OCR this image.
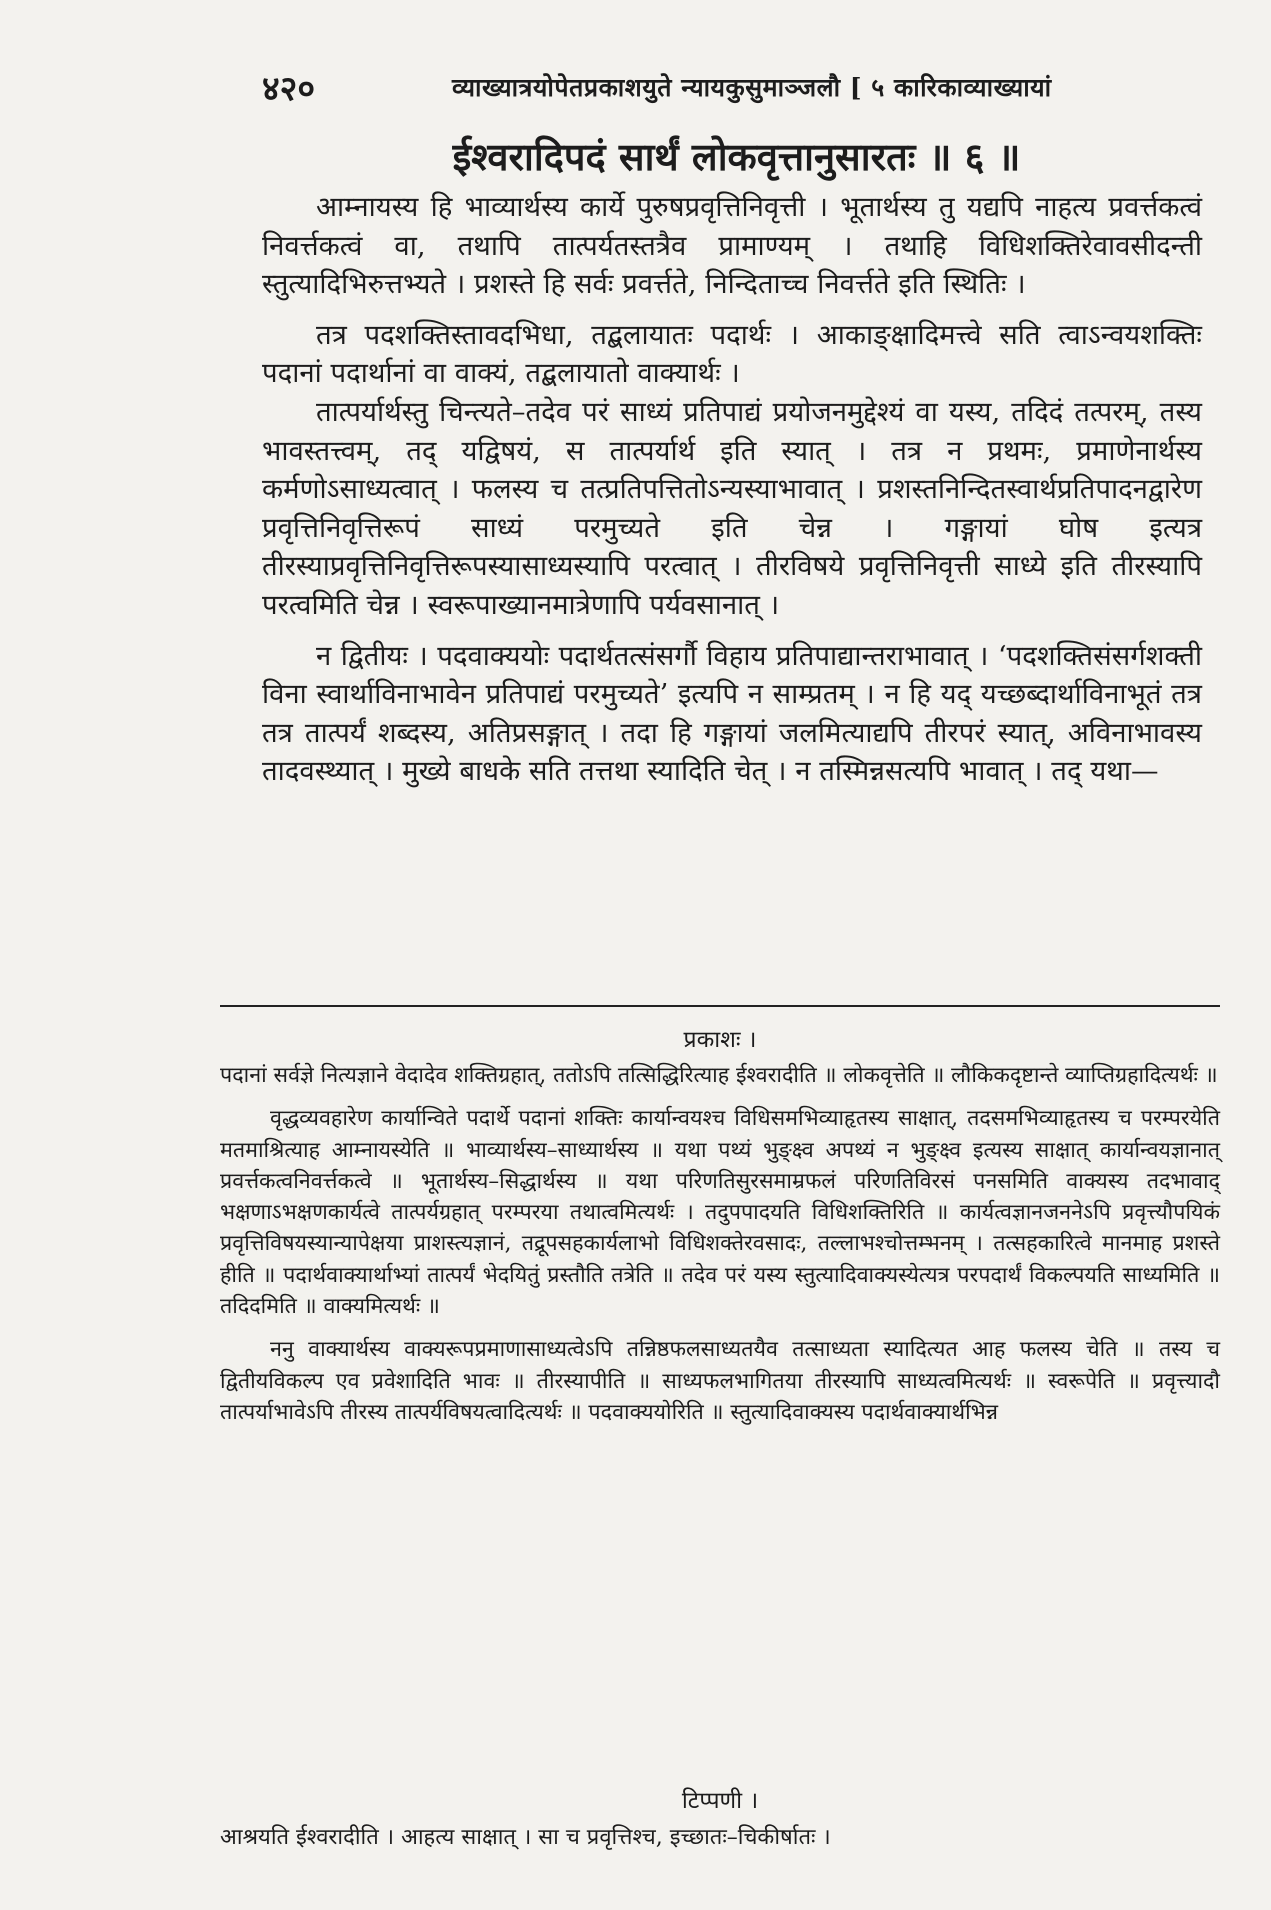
४२०	व्याख्यात्रयोपेतप्रकाशयुते न्यायकुसुमाञ्जलौ [ ५ कारिकाव्याख्यायां
ईश्वरादिपदं सार्थं लोकवृत्तानुसारतः ॥ ६ ॥

आम्नायस्य हि भाव्यार्थस्य कार्ये पुरुषप्रवृत्तिनिवृत्ती । भूतार्थस्य तु यद्यपि नाहत्य प्रवर्त्तकत्वं निवर्त्तकत्वं वा, तथापि तात्पर्यतस्तत्रैव प्रामाण्यम् । तथाहि विधिशक्तिरेवावसीदन्ती स्तुत्यादिभिरुत्तभ्यते । प्रशस्ते हि सर्वः प्रवर्त्तते, निन्दिताच्च निवर्त्तते इति स्थितिः ।

तत्र पदशक्तिस्तावदभिधा, तद्बलायातः पदार्थः । आकाङ्क्षादिमत्त्वे सति त्वाऽन्वयशक्तिः पदानां पदार्थानां वा वाक्यं, तद्बलायातो वाक्यार्थः ।

तात्पर्यार्थस्तु चिन्त्यते–तदेव परं साध्यं प्रतिपाद्यं प्रयोजनमुद्देश्यं वा यस्य, तदिदं तत्परम्, तस्य भावस्तत्त्वम्, तद् यद्विषयं, स तात्पर्यार्थ इति स्यात् । तत्र न प्रथमः, प्रमाणेनार्थस्य कर्मणोऽसाध्यत्वात् । फलस्य च तत्प्रतिपत्तितोऽन्यस्याभावात् । प्रशस्तनिन्दितस्वार्थप्रतिपादनद्वारेण प्रवृत्तिनिवृत्तिरूपं साध्यं परमुच्यते इति चेन्न । गङ्गायां घोष इत्यत्र तीरस्याप्रवृत्तिनिवृत्तिरूपस्यासाध्यस्यापि परत्वात् । तीरविषये प्रवृत्तिनिवृत्ती साध्ये इति तीरस्यापि परत्वमिति चेन्न । स्वरूपाख्यानमात्रेणापि पर्यवसानात् ।

न द्वितीयः । पदवाक्ययोः पदार्थतत्संसर्गौ विहाय प्रतिपाद्यान्तराभावात् । ‘पदशक्तिसंसर्गशक्ती विना स्वार्थाविनाभावेन प्रतिपाद्यं परमुच्यते’ इत्यपि न साम्प्रतम् । न हि यद् यच्छब्दार्थाविनाभूतं तत्र तत्र तात्पर्यं शब्दस्य, अतिप्रसङ्गात् । तदा हि गङ्गायां जलमित्याद्यपि तीरपरं स्यात्, अविनाभावस्य तादवस्थ्यात् । मुख्ये बाधके सति तत्तथा स्यादिति चेत् । न तस्मिन्नसत्यपि भावात् । तद् यथा—

प्रकाशः ।

पदानां सर्वज्ञे नित्यज्ञाने वेदादेव शक्तिग्रहात्, ततोऽपि तत्सिद्धिरित्याह ईश्वरादीति ॥ लोकवृत्तेति ॥ लौकिकदृष्टान्ते व्याप्तिग्रहादित्यर्थः ॥

वृद्धव्यवहारेण कार्यान्विते पदार्थे पदानां शक्तिः कार्यान्वयश्च विधिसमभिव्याहृतस्य साक्षात्, तदसमभिव्याहृतस्य च परम्परयेति मतमाश्रित्याह आम्नायस्येति ॥ भाव्यार्थस्य–साध्यार्थस्य ॥ यथा पथ्यं भुङ्क्ष्व अपथ्यं न भुङ्क्ष्व इत्यस्य साक्षात् कार्यान्वयज्ञानात् प्रवर्त्तकत्वनिवर्त्तकत्वे ॥ भूतार्थस्य–सिद्धार्थस्य ॥ यथा परिणतिसुरसमाम्रफलं परिणतिविरसं पनसमिति वाक्यस्य तदभावाद् भक्षणाऽभक्षणकार्यत्वे तात्पर्यग्रहात् परम्परया तथात्वमित्यर्थः । तदुपपादयति विधिशक्तिरिति ॥ कार्यत्वज्ञानजननेऽपि प्रवृत्त्यौपयिकं प्रवृत्तिविषयस्यान्यापेक्षया प्राशस्त्यज्ञानं, तद्रूपसहकार्यलाभो विधिशक्तेरवसादः, तल्लाभश्चोत्तम्भनम् । तत्सहकारित्वे मानमाह प्रशस्ते हीति ॥ पदार्थवाक्यार्थाभ्यां तात्पर्यं भेदयितुं प्रस्तौति तत्रेति ॥ तदेव परं यस्य स्तुत्यादिवाक्यस्येत्यत्र परपदार्थं विकल्पयति साध्यमिति ॥ तदिदमिति ॥ वाक्यमित्यर्थः ॥

ननु वाक्यार्थस्य वाक्यरूपप्रमाणासाध्यत्वेऽपि तन्निष्ठफलसाध्यतयैव तत्साध्यता स्यादित्यत आह फलस्य चेति ॥ तस्य च द्वितीयविकल्प एव प्रवेशादिति भावः ॥ तीरस्यापीति ॥ साध्यफलभागितया तीरस्यापि साध्यत्वमित्यर्थः ॥ स्वरूपेति ॥ प्रवृत्त्यादौ तात्पर्याभावेऽपि तीरस्य तात्पर्यविषयत्वादित्यर्थः ॥ पदवाक्ययोरिति ॥ स्तुत्यादिवाक्यस्य पदार्थवाक्यार्थभिन्न

टिप्पणी ।
आश्रयति ईश्वरादीति । आहत्य साक्षात् । सा च प्रवृत्तिश्च, इच्छातः–चिकीर्षातः ।
